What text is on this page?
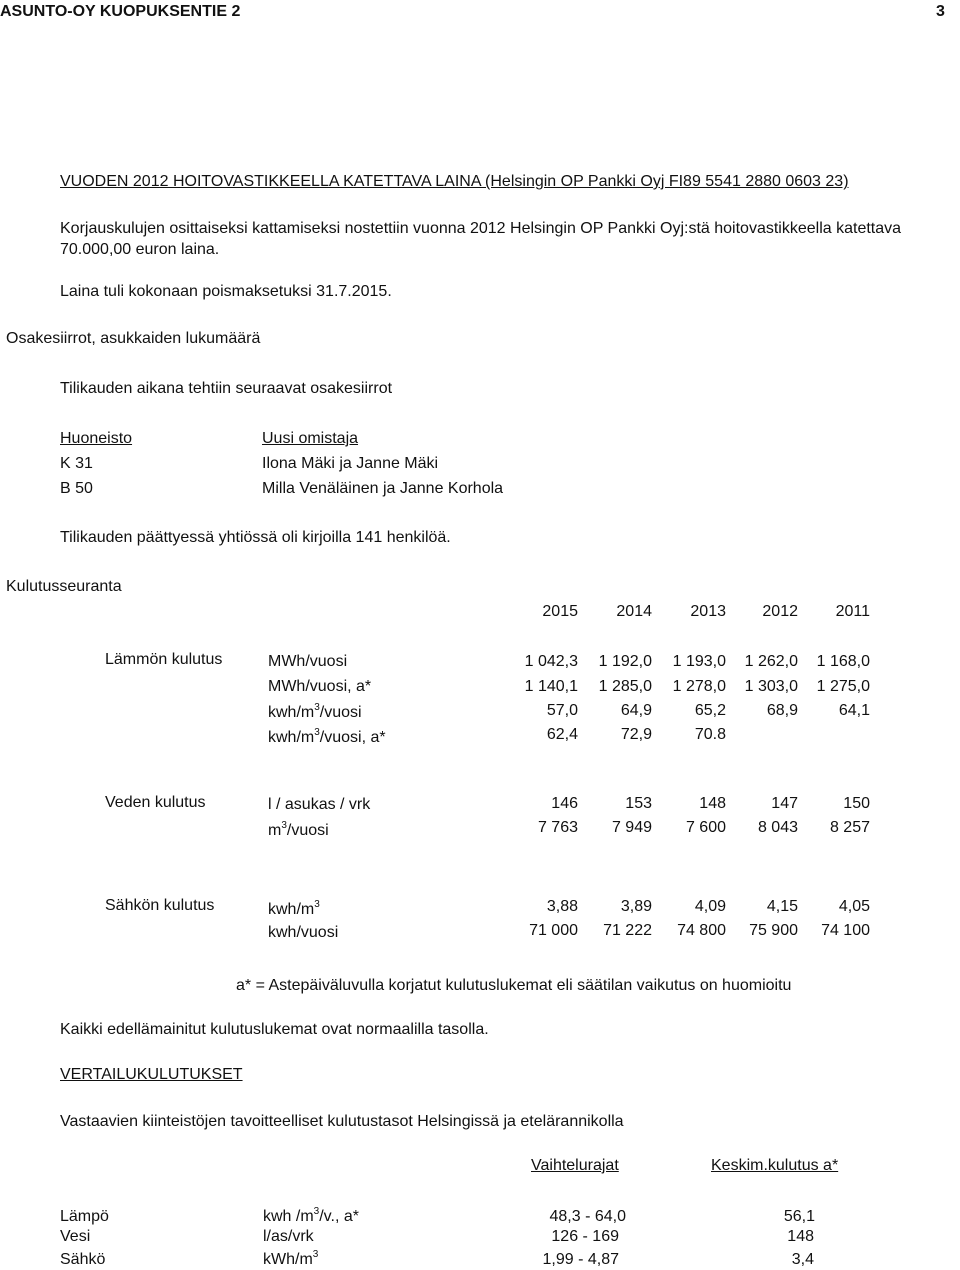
ASUNTO-OY KUOPUKSENTIE 2	3
VUODEN 2012 HOITOVASTIKKEELLA KATETTAVA LAINA (Helsingin OP Pankki Oyj FI89 5541 2880 0603 23)
Korjauskulujen osittaiseksi kattamiseksi nostettiin vuonna 2012 Helsingin OP Pankki Oyj:stä hoitovastikkeella katettava
70.000,00 euron laina.
Laina tuli kokonaan poismaksetuksi 31.7.2015.
Osakesiirrot, asukkaiden lukumäärä
Tilikauden aikana tehtiin seuraavat osakesiirrot
Huoneisto	Uusi omistaja
K 31	Ilona Mäki ja Janne Mäki
B 50	Milla Venäläinen ja Janne Korhola
Tilikauden päättyessä yhtiössä oli kirjoilla 141 henkilöä.
Kulutusseuranta
2015	2014	2013	2012	2011
Lämmön kulutus	MWh/vuosi	1 042,3	1 192,0	1 193,0	1 262,0	1 168,0
MWh/vuosi, a*	1 140,1	1 285,0	1 278,0	1 303,0	1 275,0
kwh/$m^3$/vuosi	57,0	64,9	65,2	68,9	64,1
kwh/$m^3$/vuosi, a*	62,4	72,9	70.8
Veden kulutus	l / asukas / vrk	146	153	148	147	150
$m^3$/vuosi	7 763	7 949	7 600	8 043	8 257
Sähkön kulutus	kwh/$m^3$	3,88	3,89	4,09	4,15	4,05
kwh/vuosi	71 000	71 222	74 800	75 900	74 100
a* = Astepäiväluvulla korjatut kulutuslukemat eli säätilan vaikutus on huomioitu
Kaikki edellämainitut kulutuslukemat ovat normaalilla tasolla.
VERTAILUKULUTUKSET
Vastaavien kiinteistöjen tavoitteelliset kulutustasot Helsingissä ja etelärannikolla
Vaihtelurajat	Keskim.kulutus a*
Lämpö	kwh $/m^3/v$., a*	48,3 - 64,0	56,1
Vesi	l/as/vrk	126 - 169	148
Sähkö	kWh/$m^3$	1,99 - 4,87	3,4
